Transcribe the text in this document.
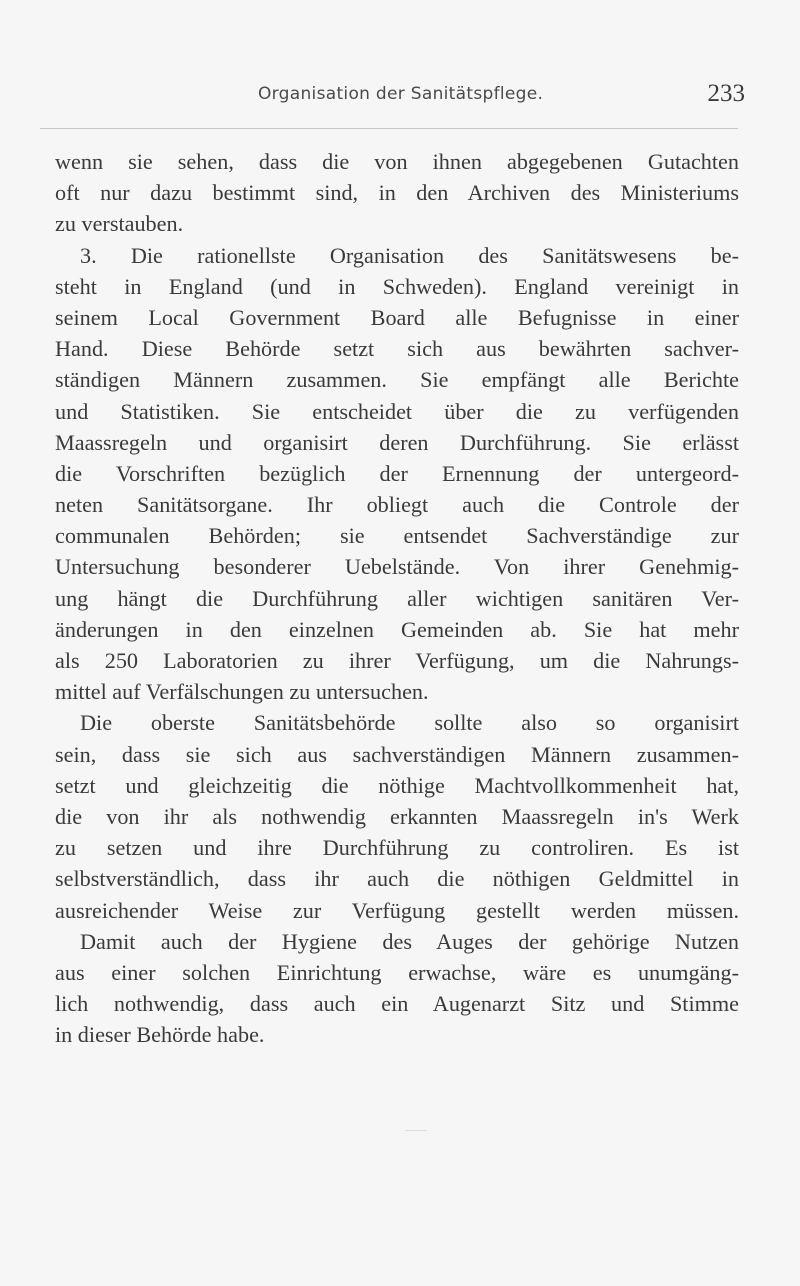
Organisation der Sanitätspflege.	233
wenn sie sehen, dass die von ihnen abgegebenen Gutachten
oft nur dazu bestimmt sind, in den Archiven des Ministeriums
zu verstauben.
3. Die rationellste Organisation des Sanitätswesens be-
steht in England (und in Schweden). England vereinigt in
seinem Local Government Board alle Befugnisse in einer
Hand. Diese Behörde setzt sich aus bewährten sachver-
ständigen Männern zusammen. Sie empfängt alle Berichte
und Statistiken. Sie entscheidet über die zu verfügenden
Maassregeln und organisirt deren Durchführung. Sie erlässt
die Vorschriften bezüglich der Ernennung der untergeord-
neten Sanitätsorgane. Ihr obliegt auch die Controle der
communalen Behörden; sie entsendet Sachverständige zur
Untersuchung besonderer Uebelstände. Von ihrer Genehmig-
ung hängt die Durchführung aller wichtigen sanitären Ver-
änderungen in den einzelnen Gemeinden ab. Sie hat mehr
als 250 Laboratorien zu ihrer Verfügung, um die Nahrungs-
mittel auf Verfälschungen zu untersuchen.
Die oberste Sanitätsbehörde sollte also so organisirt
sein, dass sie sich aus sachverständigen Männern zusammen-
setzt und gleichzeitig die nöthige Machtvollkommenheit hat,
die von ihr als nothwendig erkannten Maassregeln in's Werk
zu setzen und ihre Durchführung zu controliren. Es ist
selbstverständlich, dass ihr auch die nöthigen Geldmittel in
ausreichender Weise zur Verfügung gestellt werden müssen.
Damit auch der Hygiene des Auges der gehörige Nutzen
aus einer solchen Einrichtung erwachse, wäre es unumgäng-
lich nothwendig, dass auch ein Augenarzt Sitz und Stimme
in dieser Behörde habe.
